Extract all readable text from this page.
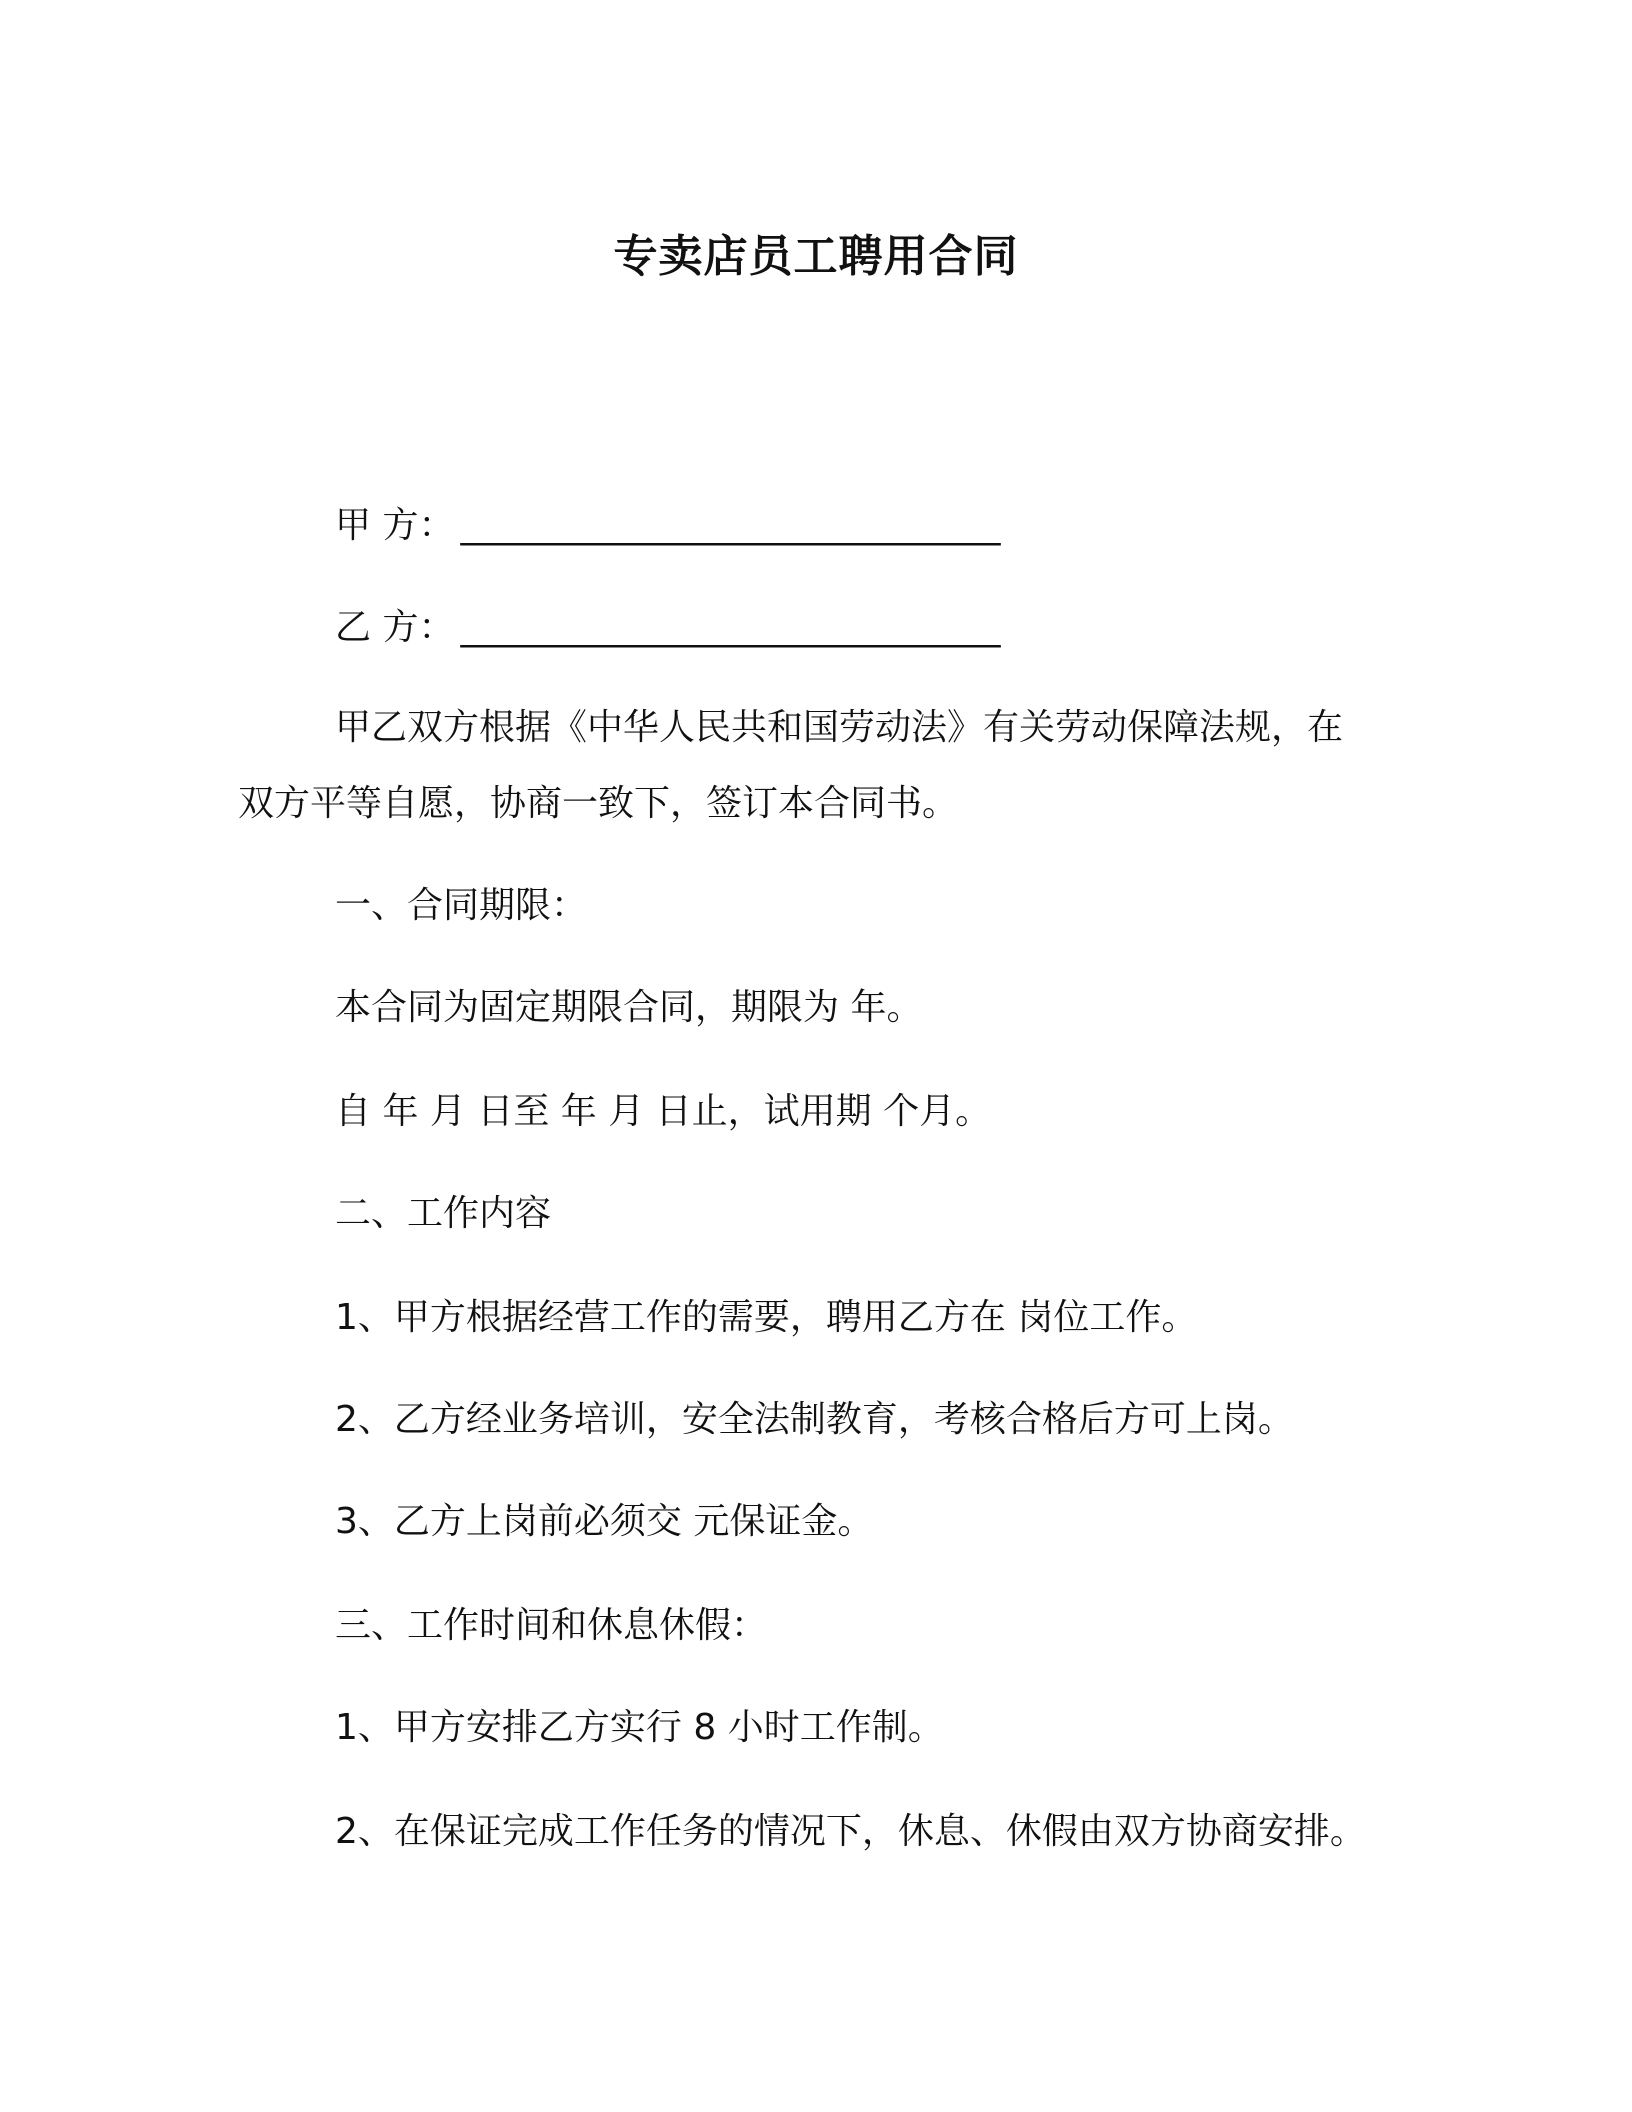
专卖店员工聘用合同

甲 方： ______________________________

乙 方： ______________________________

甲乙双方根据《中华人民共和国劳动法》有关劳动保障法规，在

双方平等自愿，协商一致下，签订本合同书。

一、合同期限：

本合同为固定期限合同，期限为 年。

自 年 月 日至 年 月 日止，试用期 个月。

二、工作内容

1、甲方根据经营工作的需要，聘用乙方在 岗位工作。

2、乙方经业务培训，安全法制教育，考核合格后方可上岗。

3、乙方上岗前必须交 元保证金。

三、工作时间和休息休假：

1、甲方安排乙方实行 8 小时工作制。

2、在保证完成工作任务的情况下，休息、休假由双方协商安排。
